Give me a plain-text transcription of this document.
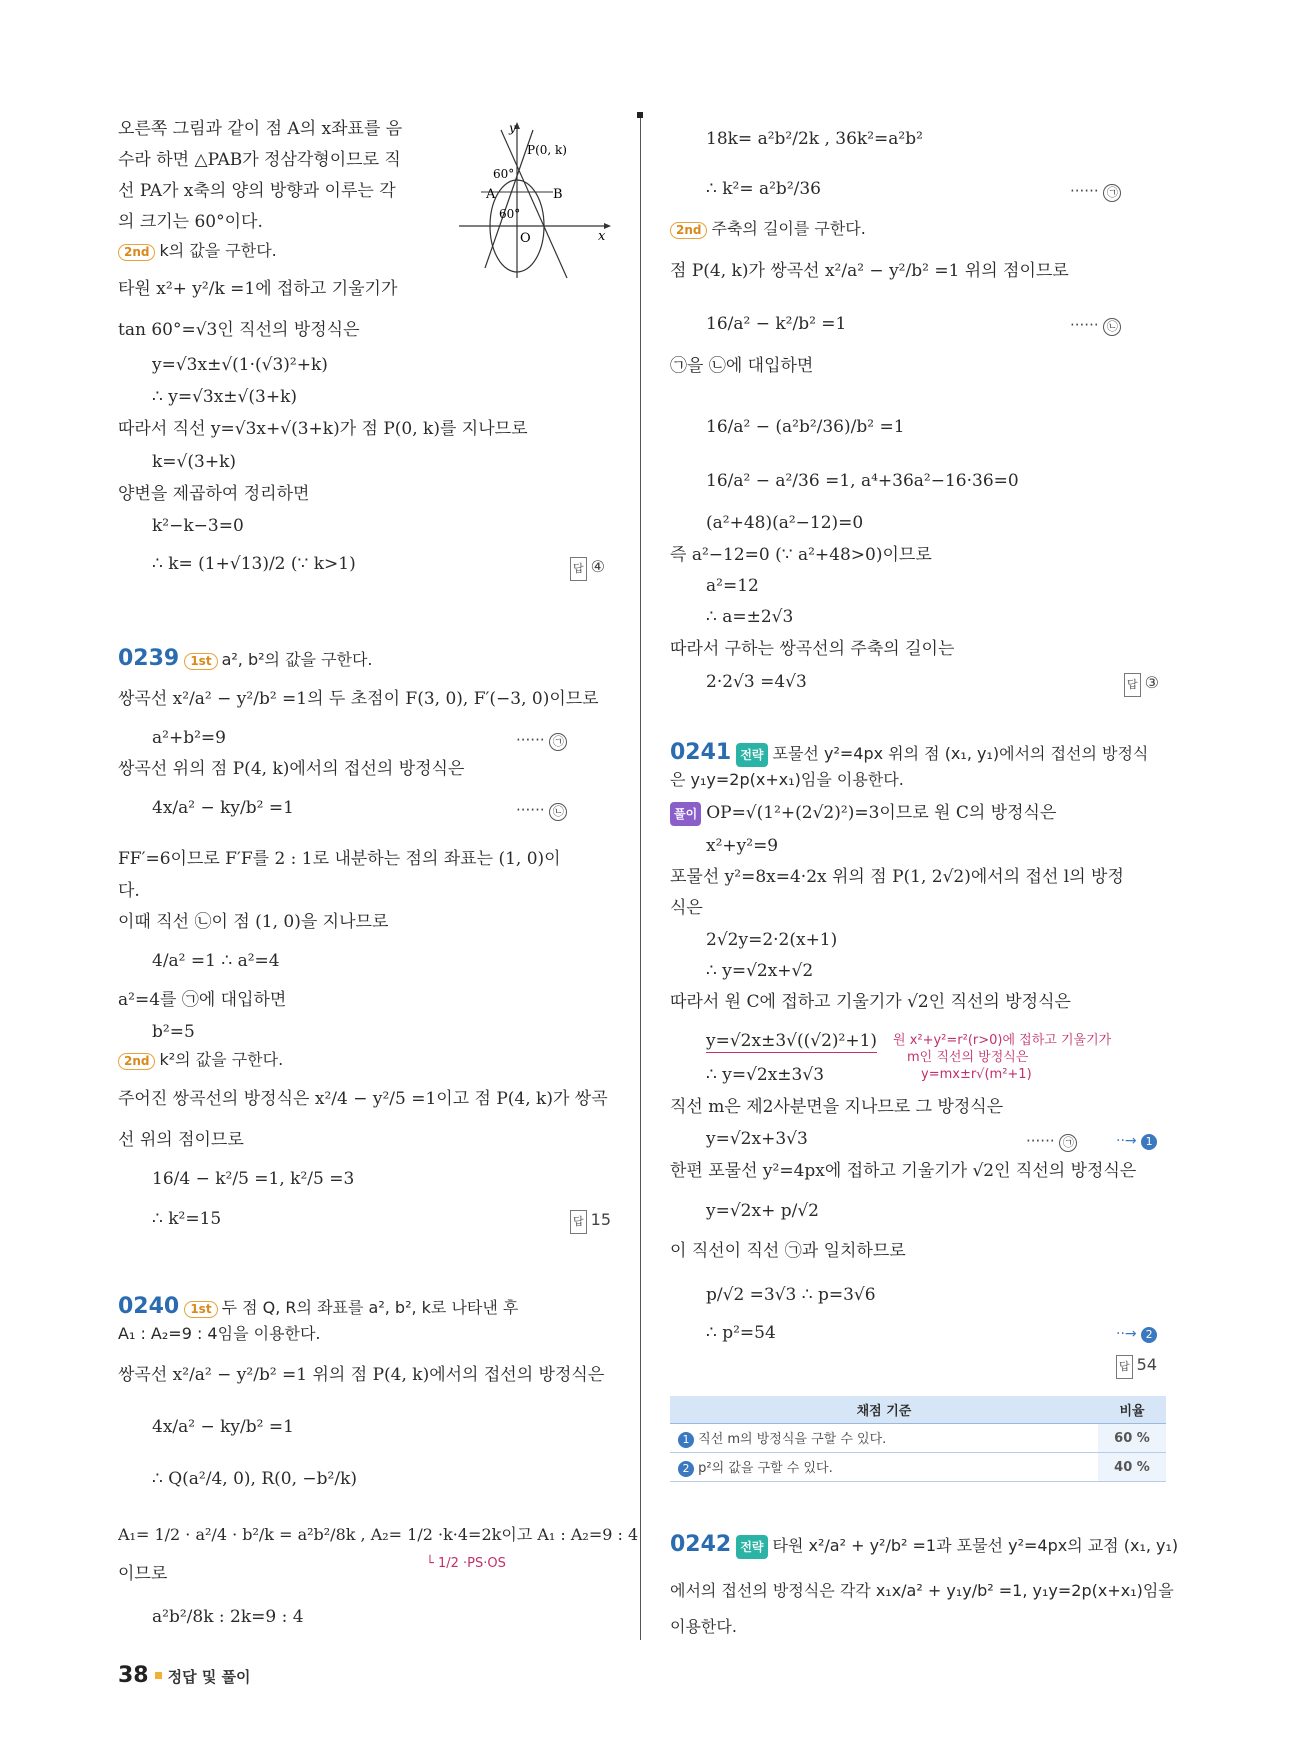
오른쪽 그림과 같이 점 A의 x좌표를 음
수라 하면 △PAB가 정삼각형이므로 직
선 PA가 x축의 양의 방향과 이루는 각
의 크기는 60°이다.
y
x
P(0, k)
60°
60°
A	B
O
2nd k의 값을 구한다.
타원 x²+ y²/k =1에 접하고 기울기가
tan 60°=√3인 직선의 방정식은
y=√3x±√(1·(√3)²+k)
∴ y=√3x±√(3+k)
따라서 직선 y=√3x+√(3+k)가 점 P(0, k)를 지나므로
k=√(3+k)
양변을 제곱하여 정리하면
k²−k−3=0
∴ k= (1+√13)/2 (∵ k>1)	답 ④
0239 1st a², b²의 값을 구한다.
쌍곡선 x²/a² − y²/b² =1의 두 초점이 F(3, 0), F′(−3, 0)이므로
a²+b²=9	······ ㉠
쌍곡선 위의 점 P(4, k)에서의 접선의 방정식은
4x/a² − ky/b² =1	······ ㉡
FF′=6이므로 F′F를 2 : 1로 내분하는 점의 좌표는 (1, 0)이
다.
이때 직선 ㉡이 점 (1, 0)을 지나므로
4/a² =1 ∴ a²=4
a²=4를 ㉠에 대입하면
b²=5
2nd k²의 값을 구한다.
주어진 쌍곡선의 방정식은 x²/4 − y²/5 =1이고 점 P(4, k)가 쌍곡
선 위의 점이므로
16/4 − k²/5 =1, k²/5 =3
∴ k²=15	답 15
0240 1st 두 점 Q, R의 좌표를 a², b², k로 나타낸 후
A₁ : A₂=9 : 4임을 이용한다.
쌍곡선 x²/a² − y²/b² =1 위의 점 P(4, k)에서의 접선의 방정식은
4x/a² − ky/b² =1
∴ Q(a²/4, 0), R(0, −b²/k)
A₁= 1/2 · a²/4 · b²/k = a²b²/8k , A₂= 1/2 ·k·4=2k이고 A₁ : A₂=9 : 4
└ 1/2 ·PS·OS
이므로
a²b²/8k : 2k=9 : 4
18k= a²b²/2k , 36k²=a²b²
∴ k²= a²b²/36	······ ㉠
2nd 주축의 길이를 구한다.
점 P(4, k)가 쌍곡선 x²/a² − y²/b² =1 위의 점이므로
16/a² − k²/b² =1	······ ㉡
㉠을 ㉡에 대입하면
16/a² − (a²b²/36)/b² =1
16/a² − a²/36 =1, a⁴+36a²−16·36=0
(a²+48)(a²−12)=0
즉 a²−12=0 (∵ a²+48>0)이므로
a²=12
∴ a=±2√3
따라서 구하는 쌍곡선의 주축의 길이는
2·2√3 =4√3	답 ③
0241 전략 포물선 y²=4px 위의 점 (x₁, y₁)에서의 접선의 방정식
은 y₁y=2p(x+x₁)임을 이용한다.
풀이 OP=√(1²+(2√2)²)=3이므로 원 C의 방정식은
x²+y²=9
포물선 y²=8x=4·2x 위의 점 P(1, 2√2)에서의 접선 l의 방정
식은
2√2y=2·2(x+1)
∴ y=√2x+√2
따라서 원 C에 접하고 기울기가 √2인 직선의 방정식은
y=√2x±3√((√2)²+1) 원 x²+y²=r²(r>0)에 접하고 기울기가
m인 직선의 방정식은
y=mx±r√(m²+1)
∴ y=√2x±3√3
직선 m은 제2사분면을 지나므로 그 방정식은
y=√2x+3√3	······ ㉠	··→ 1
한편 포물선 y²=4px에 접하고 기울기가 √2인 직선의 방정식은
y=√2x+ p/√2
이 직선이 직선 ㉠과 일치하므로
p/√2 =3√3 ∴ p=3√6
∴ p²=54	··→ 2
답 54
채점 기준	비율
1 직선 m의 방정식을 구할 수 있다.	60 %
2 p²의 값을 구할 수 있다.	40 %
0242 전략 타원 x²/a² + y²/b² =1과 포물선 y²=4px의 교점 (x₁, y₁)
에서의 접선의 방정식은 각각 x₁x/a² + y₁y/b² =1, y₁y=2p(x+x₁)임을
이용한다.
38 정답 및 풀이
